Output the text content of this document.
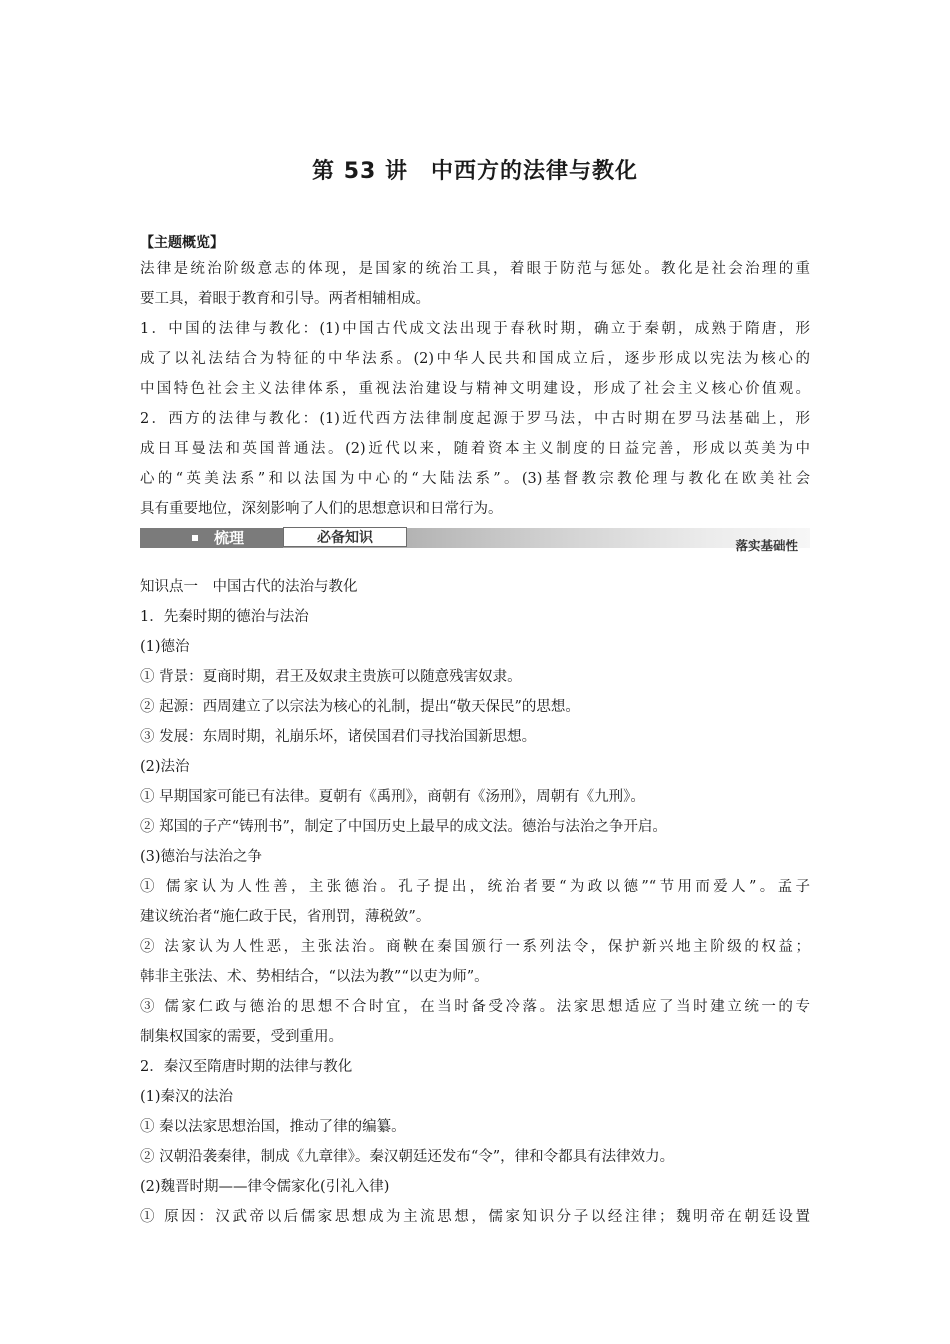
第 53 讲　中西方的法律与教化
【主题概览】
法律是统治阶级意志的体现，是国家的统治工具，着眼于防范与惩处。教化是社会治理的重
要工具，着眼于教育和引导。两者相辅相成。
1．中国的法律与教化：(1)中国古代成文法出现于春秋时期，确立于秦朝，成熟于隋唐，形
成了以礼法结合为特征的中华法系。(2)中华人民共和国成立后，逐步形成以宪法为核心的
中国特色社会主义法律体系，重视法治建设与精神文明建设，形成了社会主义核心价值观。
2．西方的法律与教化：(1)近代西方法律制度起源于罗马法，中古时期在罗马法基础上，形
成日耳曼法和英国普通法。(2)近代以来，随着资本主义制度的日益完善，形成以英美为中
心的“英美法系”和以法国为中心的“大陆法系”。(3)基督教宗教伦理与教化在欧美社会
具有重要地位，深刻影响了人们的思想意识和日常行为。
梳理	必备知识	落实基础性
知识点一　中国古代的法治与教化
1．先秦时期的德治与法治
(1)德治
① 背景：夏商时期，君王及奴隶主贵族可以随意残害奴隶。
② 起源：西周建立了以宗法为核心的礼制，提出“敬天保民”的思想。
③ 发展：东周时期，礼崩乐坏，诸侯国君们寻找治国新思想。
(2)法治
① 早期国家可能已有法律。夏朝有《禹刑》，商朝有《汤刑》，周朝有《九刑》。
② 郑国的子产“铸刑书”，制定了中国历史上最早的成文法。德治与法治之争开启。
(3)德治与法治之争
① 儒家认为人性善，主张德治。孔子提出，统治者要“为政以德”“节用而爱人”。孟子
建议统治者“施仁政于民，省刑罚，薄税敛”。
② 法家认为人性恶，主张法治。商鞅在秦国颁行一系列法令，保护新兴地主阶级的权益；
韩非主张法、术、势相结合，“以法为教”“以吏为师”。
③ 儒家仁政与德治的思想不合时宜，在当时备受冷落。法家思想适应了当时建立统一的专
制集权国家的需要，受到重用。
2．秦汉至隋唐时期的法律与教化
(1)秦汉的法治
① 秦以法家思想治国，推动了律的编纂。
② 汉朝沿袭秦律，制成《九章律》。秦汉朝廷还发布“令”，律和令都具有法律效力。
(2)魏晋时期——律令儒家化(引礼入律)
① 原因：汉武帝以后儒家思想成为主流思想，儒家知识分子以经注律；魏明帝在朝廷设置
